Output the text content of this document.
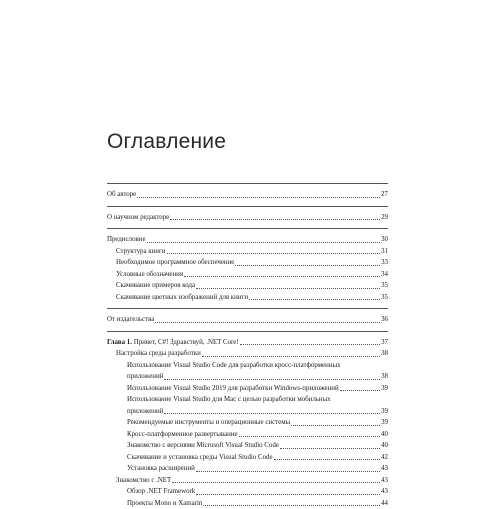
Оглавление
Об авторе	27
О научном редакторе	29
Предисловие	30
Структура книги	31
Необходимое программное обеспечение	33
Условные обозначения	34
Скачивание примеров кода	35
Скачивание цветных изображений для книги	35
От издательства	36
Глава 1. Привет, C#! Здравствуй, .NET Core!	37
Настройка среды разработки	38
Использование Visual Studio Code для разработки кросс-платформенных
приложений	38
Использование Visual Studio 2019 для разработки Windows-приложений	39
Использование Visual Studio для Mac с целью разработки мобильных
приложений	39
Рекомендуемые инструменты и операционные системы	39
Кросс-платформенное развертывание	40
Знакомство с версиями Microsoft Visual Studio Code	40
Скачивание и установка среды Visual Studio Code	42
Установка расширений	43
Знакомство с .NET	43
Обзор .NET Framework	43
Проекты Mono и Xamarin	44
